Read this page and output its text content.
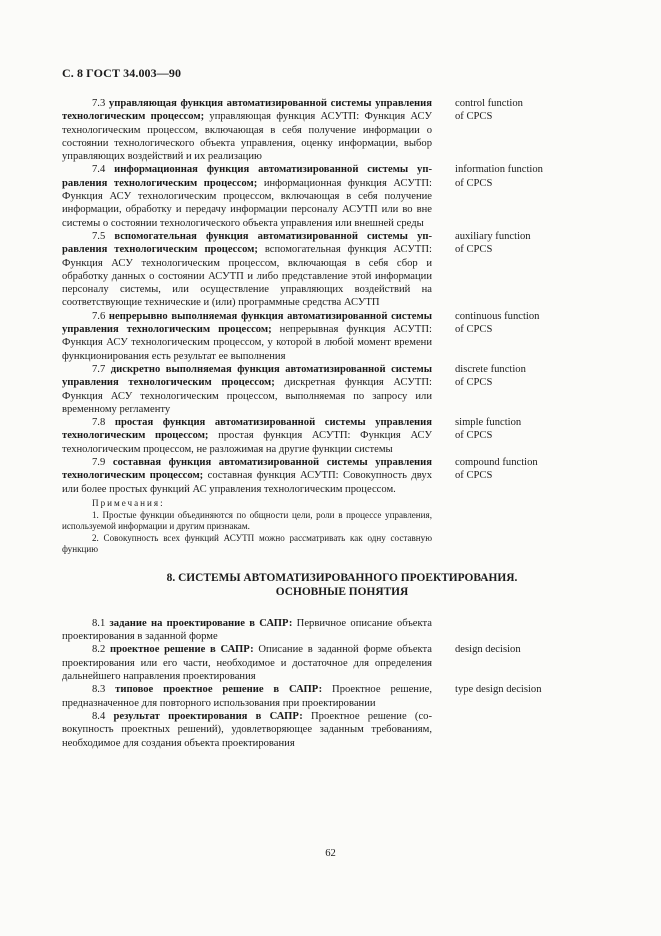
С. 8 ГОСТ 34.003—90

7.3 управляющая функция автоматизированной системы управления технологическим процессом; управляющая функция АСУТП: Функция АСУ технологическим процессом, включающая в себя получение информации о состоянии технологического объекта управления, оценку информации, выбор управляющих воздействий и их реализацию

control function
of CPCS

7.4 информационная функция автоматизированной системы управления технологическим процессом; информационная функция АСУТП: Функция АСУ технологическим процессом, включающая в себя получение информации, обработку и передачу информации персоналу АСУТП или во вне системы о состоянии технологического объекта управления или внешней среды

information function
of CPCS

7.5 вспомогательная функция автоматизированной системы управления технологическим процессом; вспомогательная функция АСУТП: Функция АСУ технологическим процессом, включающая в себя сбор и обработку данных о состоянии АСУТП и либо представление этой информации персоналу системы, или осуществление управляющих воздействий на соответствующие технические и (или) программные средства АСУТП

auxiliary function
of CPCS

7.6 непрерывно выполняемая функция автоматизированной системы управления технологическим процессом; непрерывная функция АСУТП: Функция АСУ технологическим процессом, у которой в любой момент времени функционирования есть результат ее выполнения

continuous function
of CPCS

7.7 дискретно выполняемая функция автоматизированной системы управления технологическим процессом; дискретная функция АСУТП: Функция АСУ технологическим процессом, выполняемая по запросу или временному регламенту

discrete function
of CPCS

7.8 простая функция автоматизированной системы управления технологическим процессом; простая функция АСУТП: Функция АСУ технологическим процессом, не разложимая на другие функции системы

simple function
of CPCS

7.9 составная функция автоматизированной системы управления технологическим процессом; составная функция АСУТП: Совокупность двух или более простых функций АС управления технологическим процессом.

compound function
of CPCS

Примечания:

1. Простые функции объединяются по общности цели, роли в процессе управления, используемой информации и другим признакам.

2. Совокупность всех функций АСУТП можно рассматривать как одну составную функцию

8. СИСТЕМЫ АВТОМАТИЗИРОВАННОГО ПРОЕКТИРОВАНИЯ.
ОСНОВНЫЕ ПОНЯТИЯ

8.1 задание на проектирование в САПР: Первичное описание объекта проектирования в заданной форме

8.2 проектное решение в САПР: Описание в заданной форме объекта проектирования или его части, необходимое и достаточное для определения дальнейшего направления проектирования

design decision

8.3 типовое проектное решение в САПР: Проектное решение, предназначенное для повторного использования при проектировании

type design decision

8.4 результат проектирования в САПР: Проектное решение (совокупность проектных решений), удовлетворяющее заданным требованиям, необходимое для создания объекта проектирования

62
